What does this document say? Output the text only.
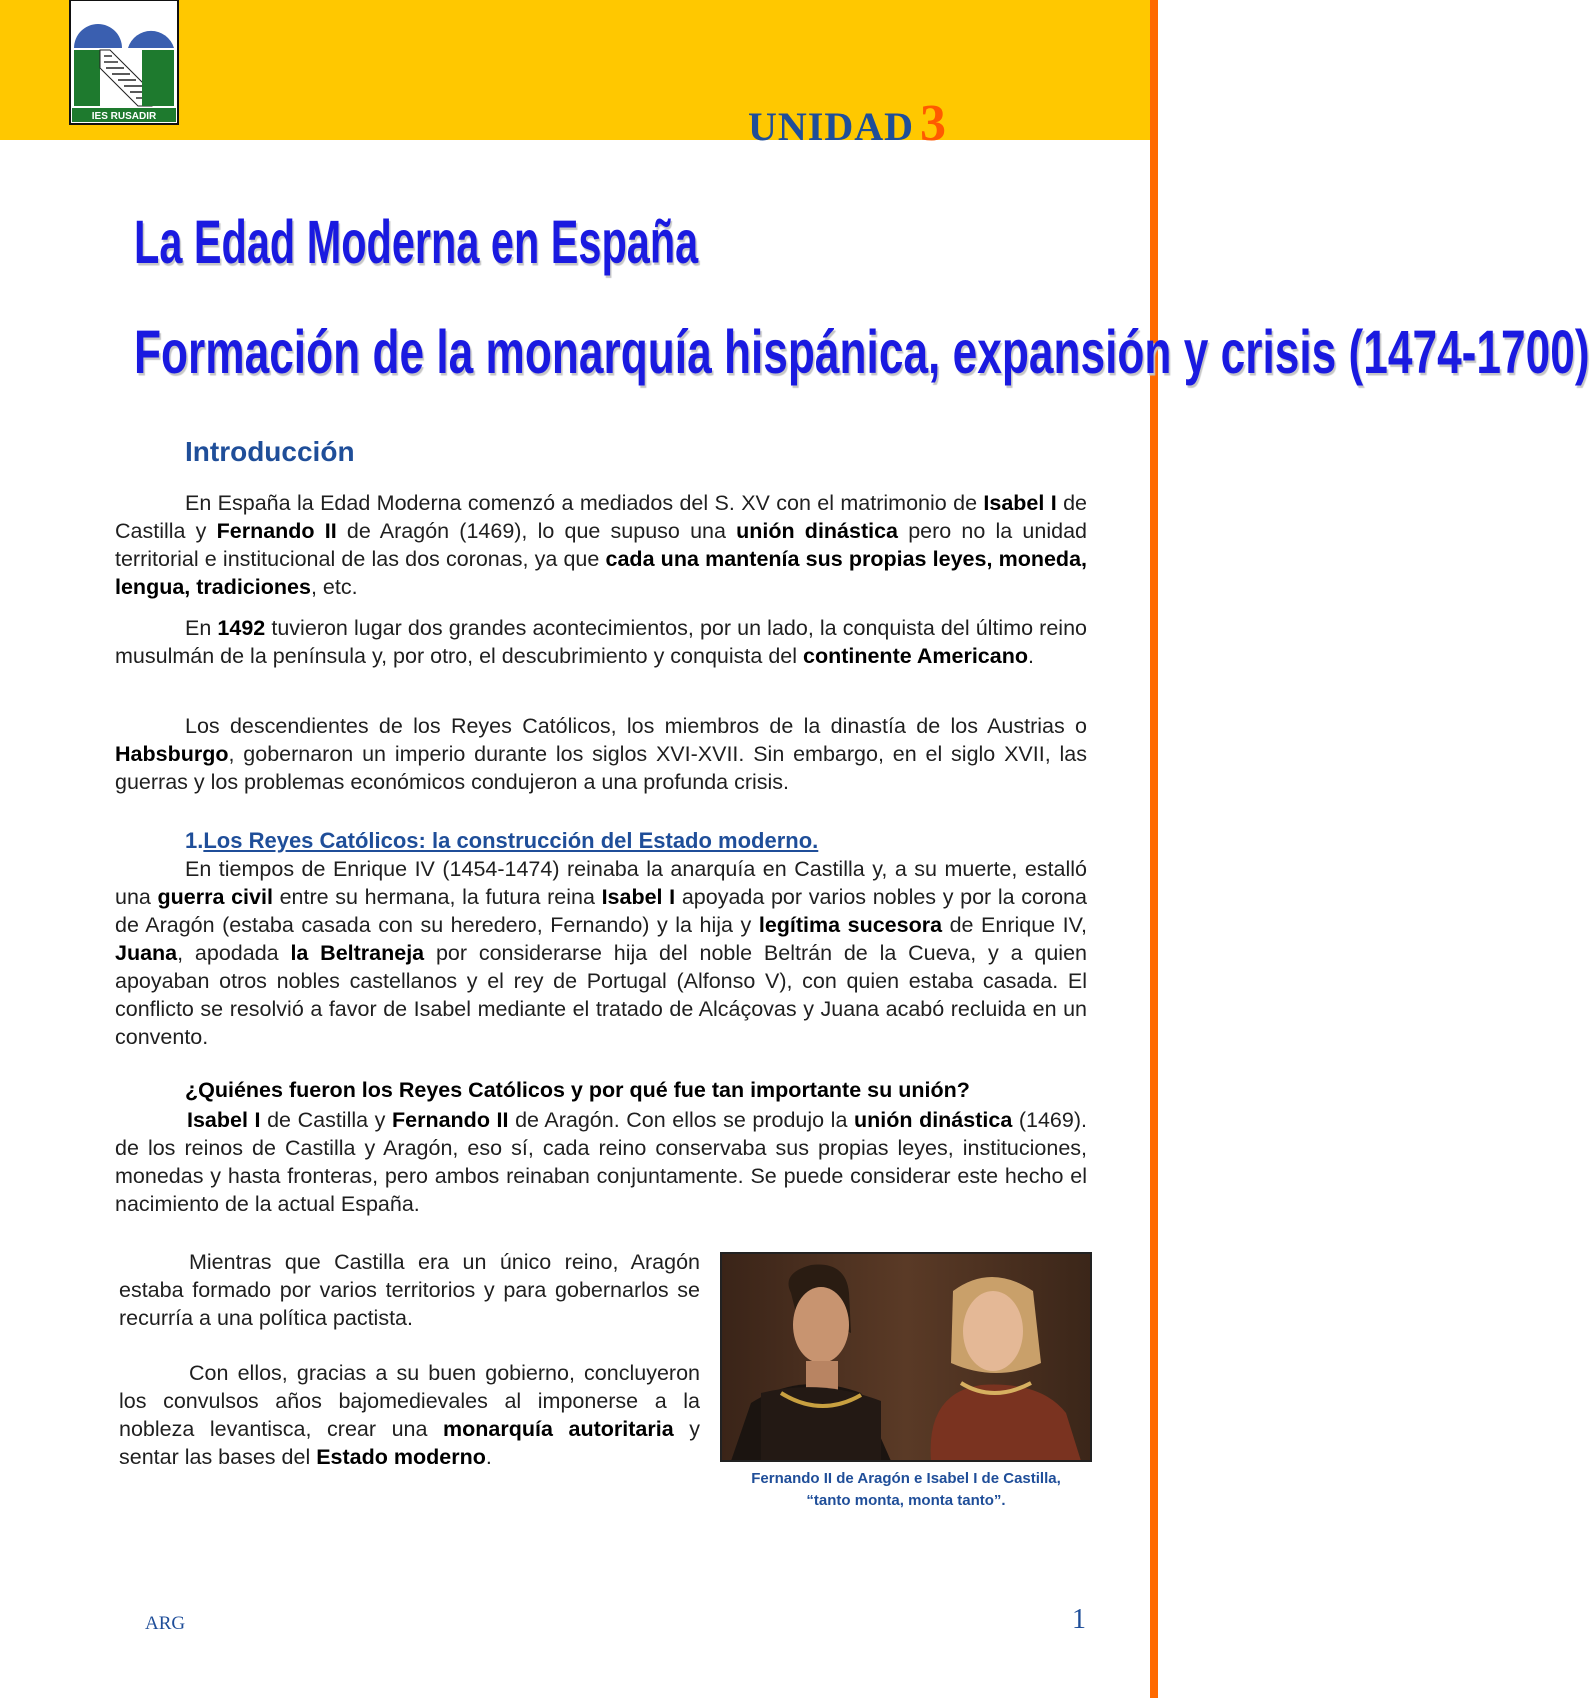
IES RUSADIR	UNIDAD 3
La Edad Moderna en España
Formación de la monarquía hispánica, expansión y crisis (1474-1700)
Introducción

En España la Edad Moderna comenzó a mediados del S. XV con el matrimonio de Isabel I de Castilla y Fernando II de Aragón (1469), lo que supuso una unión dinástica pero no la unidad territorial e institucional de las dos coronas, ya que cada una mantenía sus propias leyes, moneda, lengua, tradiciones, etc.

En 1492 tuvieron lugar dos grandes acontecimientos, por un lado, la conquista del último reino musulmán de la península y, por otro, el descubrimiento y conquista del continente Americano.

Los descendientes de los Reyes Católicos, los miembros de la dinastía de los Austrias o Habsburgo, gobernaron un imperio durante los siglos XVI-XVII. Sin embargo, en el siglo XVII, las guerras y los problemas económicos condujeron a una profunda crisis.

1.Los Reyes Católicos: la construcción del Estado moderno.

En tiempos de Enrique IV (1454-1474) reinaba la anarquía en Castilla y, a su muerte, estalló una guerra civil entre su hermana, la futura reina Isabel I apoyada por varios nobles y por la corona de Aragón (estaba casada con su heredero, Fernando) y la hija y legítima sucesora de Enrique IV, Juana, apodada la Beltraneja por considerarse hija del noble Beltrán de la Cueva, y a quien apoyaban otros nobles castellanos y el rey de Portugal (Alfonso V), con quien estaba casada. El conflicto se resolvió a favor de Isabel mediante el tratado de Alcáçovas y Juana acabó recluida en un convento.

¿Quiénes fueron los Reyes Católicos y por qué fue tan importante su unión?

Isabel I de Castilla y Fernando II de Aragón. Con ellos se produjo la unión dinástica (1469). de los reinos de Castilla y Aragón, eso sí, cada reino conservaba sus propias leyes, instituciones, monedas y hasta fronteras, pero ambos reinaban conjuntamente. Se puede considerar este hecho el nacimiento de la actual España.

Mientras que Castilla era un único reino, Aragón estaba formado por varios territorios y para gobernarlos se recurría a una política pactista.

Con ellos, gracias a su buen gobierno, concluyeron los convulsos años bajomedievales al imponerse a la nobleza levantisca, crear una monarquía autoritaria y sentar las bases del Estado moderno.

Fernando II de Aragón e Isabel I de Castilla,
“tanto monta, monta tanto”.
ARG	1
